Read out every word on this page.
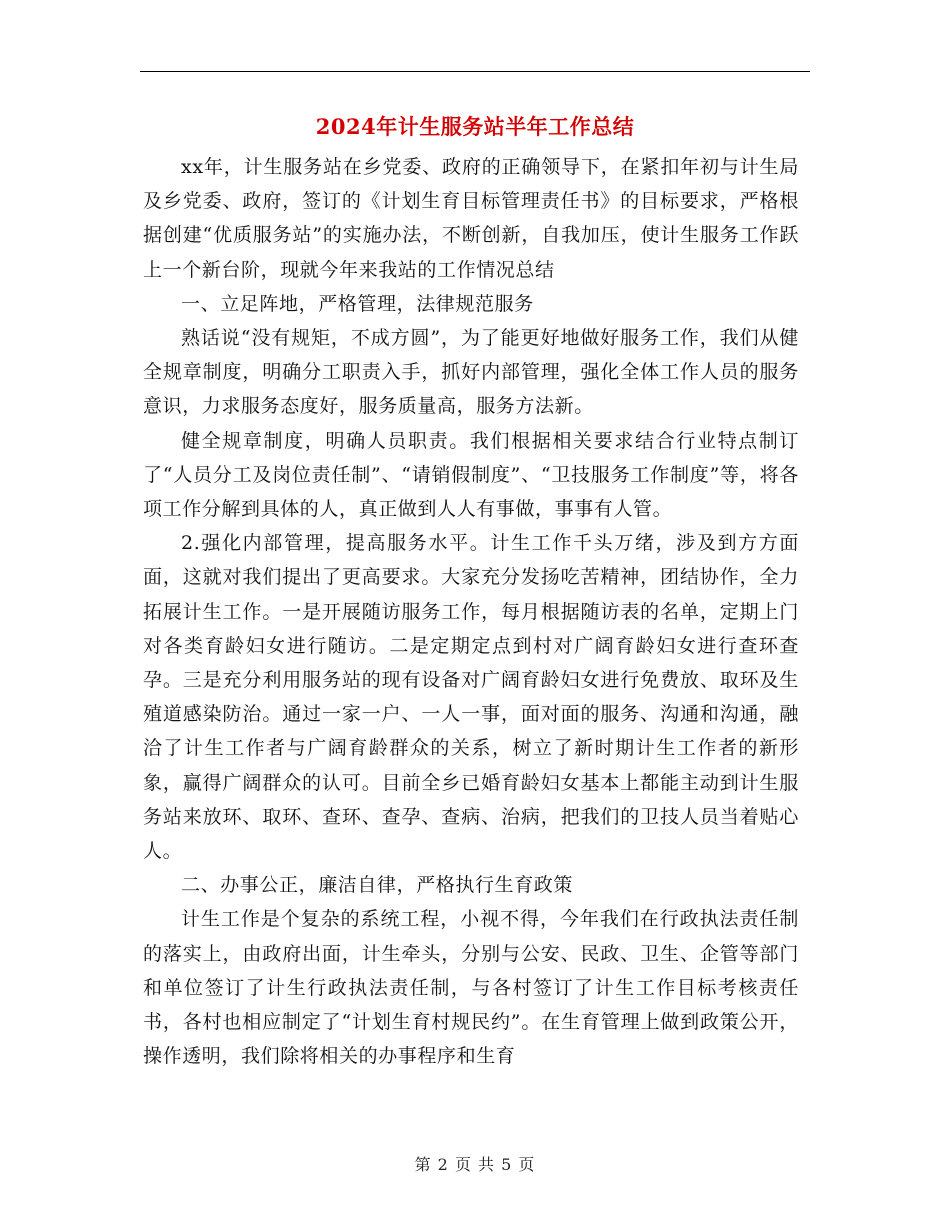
2024年计生服务站半年工作总结

xx年，计生服务站在乡党委、政府的正确领导下，在紧扣年初与计生局及乡党委、政府，签订的《计划生育目标管理责任书》的目标要求，严格根据创建“优质服务站”的实施办法，不断创新，自我加压，使计生服务工作跃上一个新台阶，现就今年来我站的工作情况总结

一、立足阵地，严格管理，法律规范服务

熟话说“没有规矩，不成方圆”，为了能更好地做好服务工作，我们从健全规章制度，明确分工职责入手，抓好内部管理，强化全体工作人员的服务意识，力求服务态度好，服务质量高，服务方法新。

健全规章制度，明确人员职责。我们根据相关要求结合行业特点制订了“人员分工及岗位责任制”、“请销假制度”、“卫技服务工作制度”等，将各项工作分解到具体的人，真正做到人人有事做，事事有人管。

2.强化内部管理，提高服务水平。计生工作千头万绪，涉及到方方面面，这就对我们提出了更高要求。大家充分发扬吃苦精神，团结协作，全力拓展计生工作。一是开展随访服务工作，每月根据随访表的名单，定期上门对各类育龄妇女进行随访。二是定期定点到村对广阔育龄妇女进行查环查孕。三是充分利用服务站的现有设备对广阔育龄妇女进行免费放、取环及生殖道感染防治。通过一家一户、一人一事，面对面的服务、沟通和沟通，融洽了计生工作者与广阔育龄群众的关系，树立了新时期计生工作者的新形象，赢得广阔群众的认可。目前全乡已婚育龄妇女基本上都能主动到计生服务站来放环、取环、查环、查孕、查病、治病，把我们的卫技人员当着贴心人。

二、办事公正，廉洁自律，严格执行生育政策

计生工作是个复杂的系统工程，小视不得，今年我们在行政执法责任制的落实上，由政府出面，计生牵头，分别与公安、民政、卫生、企管等部门和单位签订了计生行政执法责任制，与各村签订了计生工作目标考核责任书，各村也相应制定了“计划生育村规民约”。在生育管理上做到政策公开，操作透明，我们除将相关的办事程序和生育

第 2 页 共 5 页
